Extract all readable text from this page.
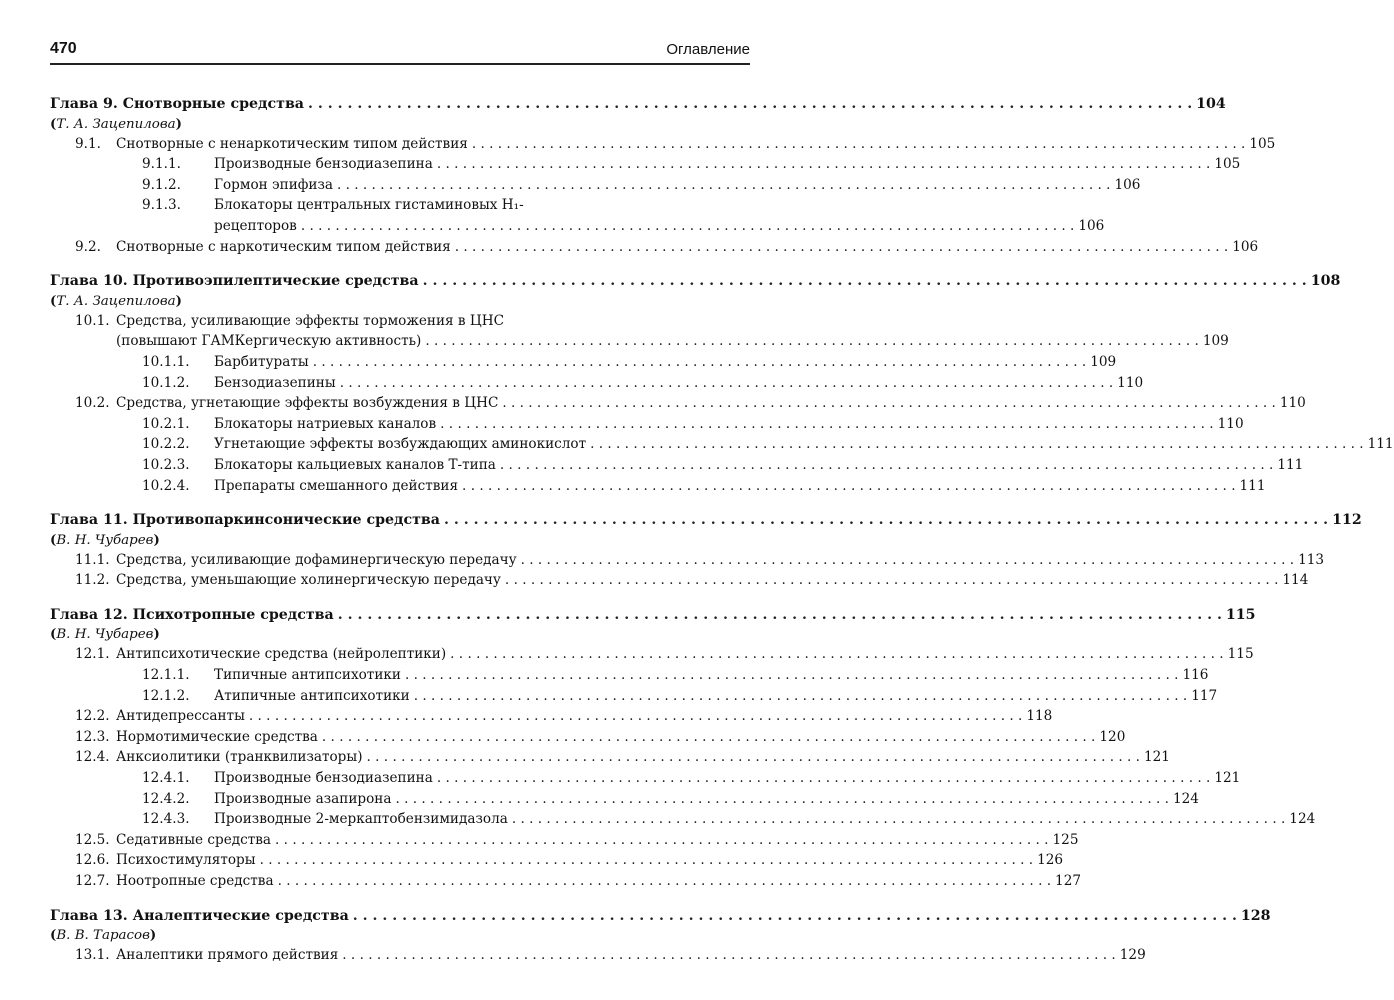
470	Оглавление
Глава 9. Снотворные средства . . .	104
( Т. А. Зацепилова )
9.1.	Снотворные с ненаркотическим типом действия . . .	105
9.1.1.	Производные бензодиазепина . . .	105
9.1.2.	Гормон эпифиза . . .	106
9.1.3.	Блокаторы центральных гистаминовых H₁-
рецепторов . . .	106
9.2.	Снотворные с наркотическим типом действия . . .	106
Глава 10. Противоэпилептические средства . . .	108
( Т. А. Зацепилова )
10.1. Средства, усиливающие эффекты торможения в ЦНС
(повышают ГАМКергическую активность) . . .	109
10.1.1.	Барбитураты . . .	109
10.1.2.	Бензодиазепины . . .	110
10.2. Средства, угнетающие эффекты возбуждения в ЦНС . . .	110
10.2.1.	Блокаторы натриевых каналов . . .	110
10.2.2.	Угнетающие эффекты возбуждающих аминокислот . . .	111
10.2.3.	Блокаторы кальциевых каналов Т-типа . . .	111
10.2.4.	Препараты смешанного действия . . .	111
Глава 11. Противопаркинсонические средства . . .	112
( В. Н. Чубарев )
11.1. Средства, усиливающие дофаминергическую передачу . . .	113
11.2. Средства, уменьшающие холинергическую передачу . . .	114
Глава 12. Психотропные средства . . .	115
( В. Н. Чубарев )
12.1. Антипсихотические средства (нейролептики) . . .	115
12.1.1.	Типичные антипсихотики . . .	116
12.1.2.	Атипичные антипсихотики . . .	117
12.2. Антидепрессанты . . .	118
12.3. Нормотимические средства . . .	120
12.4. Анксиолитики (транквилизаторы) . . .	121
12.4.1.	Производные бензодиазепина . . .	121
12.4.2.	Производные азапирона . . .	124
12.4.3.	Производные 2-меркаптобензимидазола . . .	124
12.5. Седативные средства . . .	125
12.6. Психостимуляторы . . .	126
12.7. Ноотропные средства . . .	127
Глава 13. Аналептические средства . . .	128
( В. В. Тарасов )
13.1. Аналептики прямого действия . . .	129
